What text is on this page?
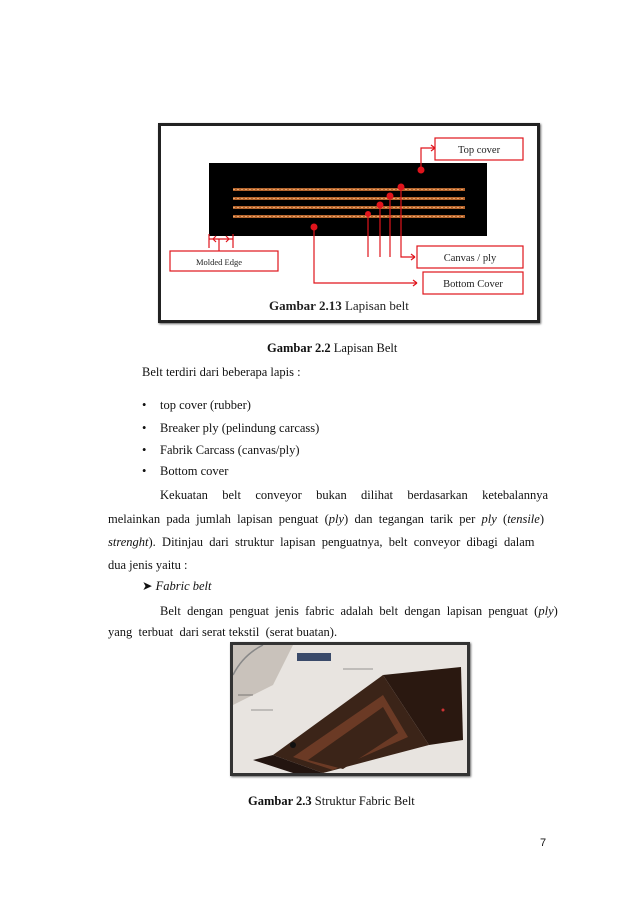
Top cover
Canvas / ply
Bottom Cover
Molded Edge
Gambar 2.13 Lapisan belt
Gambar 2.2 Lapisan Belt
Belt terdiri dari beberapa lapis :
• top cover (rubber)
• Breaker ply (pelindung carcass)
• Fabrik Carcass (canvas/ply)
• Bottom cover
Kekuatan    belt    conveyor    bukan    dilihat    berdasarkan    ketebalannya
melainkan  pada  jumlah  lapisan  penguat  (ply)  dan  tegangan  tarik  per  ply  (tensile)
strenght).  Ditinjau  dari  struktur  lapisan  penguatnya,  belt  conveyor  dibagi  dalam
dua jenis yaitu :
➤ Fabric belt
Belt  dengan  penguat  jenis  fabric  adalah  belt  dengan  lapisan  penguat  (ply)
yang  terbuat  dari serat tekstil  (serat buatan).
Gambar 2.3 Struktur Fabric Belt
7
